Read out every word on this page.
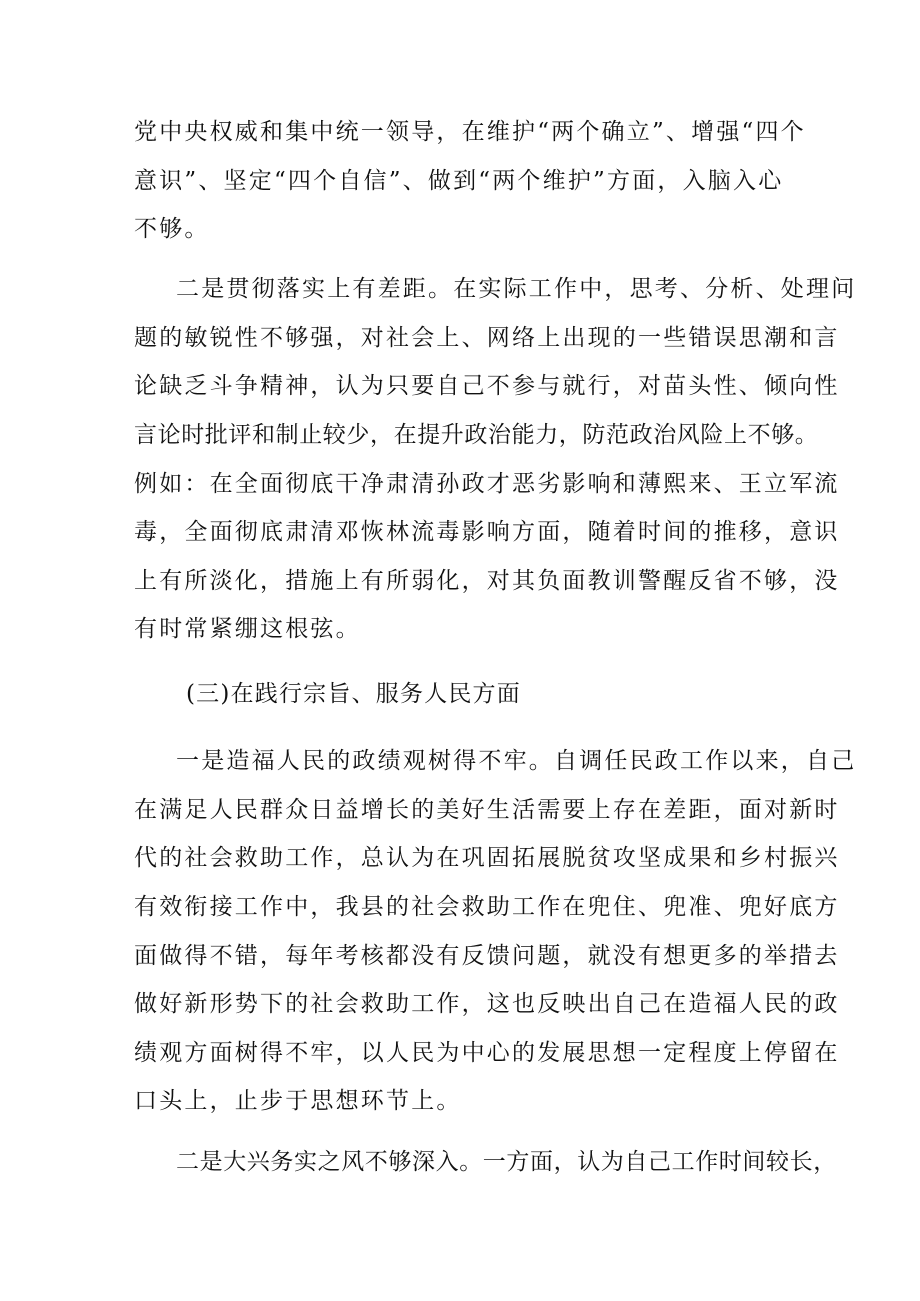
党中央权威和集中统一领导，在维护“两个确立”、增强“四个
意识”、坚定“四个自信”、做到“两个维护”方面，入脑入心
不够。
二是贯彻落实上有差距。在实际工作中，思考、分析、处理问
题的敏锐性不够强，对社会上、网络上出现的一些错误思潮和言
论缺乏斗争精神，认为只要自己不参与就行，对苗头性、倾向性
言论时批评和制止较少，在提升政治能力，防范政治风险上不够。
例如：在全面彻底干净肃清孙政才恶劣影响和薄熙来、王立军流
毒，全面彻底肃清邓恢林流毒影响方面，随着时间的推移，意识
上有所淡化，措施上有所弱化，对其负面教训警醒反省不够，没
有时常紧绷这根弦。
(三)在践行宗旨、服务人民方面
一是造福人民的政绩观树得不牢。自调任民政工作以来，自己
在满足人民群众日益增长的美好生活需要上存在差距，面对新时
代的社会救助工作，总认为在巩固拓展脱贫攻坚成果和乡村振兴
有效衔接工作中，我县的社会救助工作在兜住、兜准、兜好底方
面做得不错，每年考核都没有反馈问题，就没有想更多的举措去
做好新形势下的社会救助工作，这也反映出自己在造福人民的政
绩观方面树得不牢，以人民为中心的发展思想一定程度上停留在
口头上，止步于思想环节上。
二是大兴务实之风不够深入。一方面，认为自己工作时间较长，
